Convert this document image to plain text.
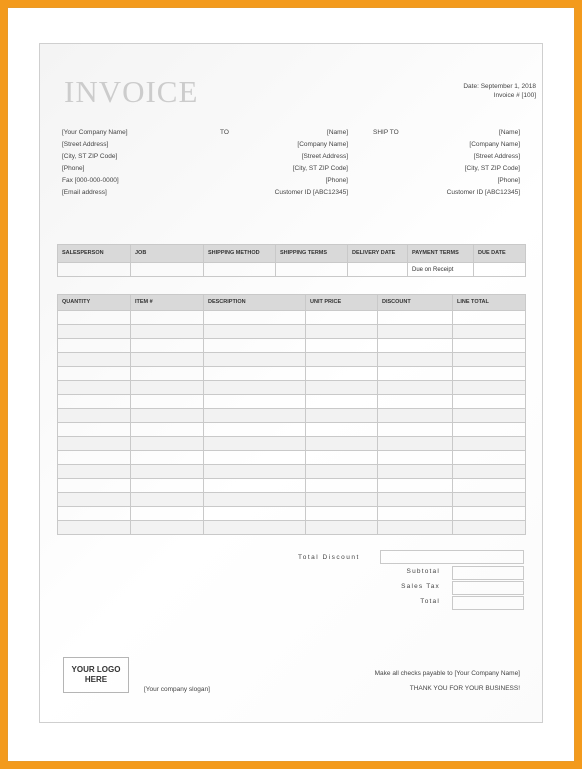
INVOICE	Date: September 1, 2018
Invoice # [100]
[Your Company Name]
[Street Address]
[City, ST ZIP Code]
[Phone]
Fax [000-000-0000]
[Email address]
TO	[Name]
[Company Name]
[Street Address]
[City, ST ZIP Code]
[Phone]
Customer ID [ABC12345]
SHIP TO	[Name]
[Company Name]
[Street Address]
[City, ST ZIP Code]
[Phone]
Customer ID [ABC12345]
SALESPERSON	JOB	SHIPPING METHOD	SHIPPING TERMS	DELIVERY DATE	PAYMENT TERMS	DUE DATE
					Due on Receipt	
QUANTITY	ITEM #	DESCRIPTION	UNIT PRICE	DISCOUNT	LINE TOTAL

Total Discount
Subtotal
Sales Tax
Total
YOUR LOGO HERE
[Your company slogan]
Make all checks payable to [Your Company Name]
THANK YOU FOR YOUR BUSINESS!
